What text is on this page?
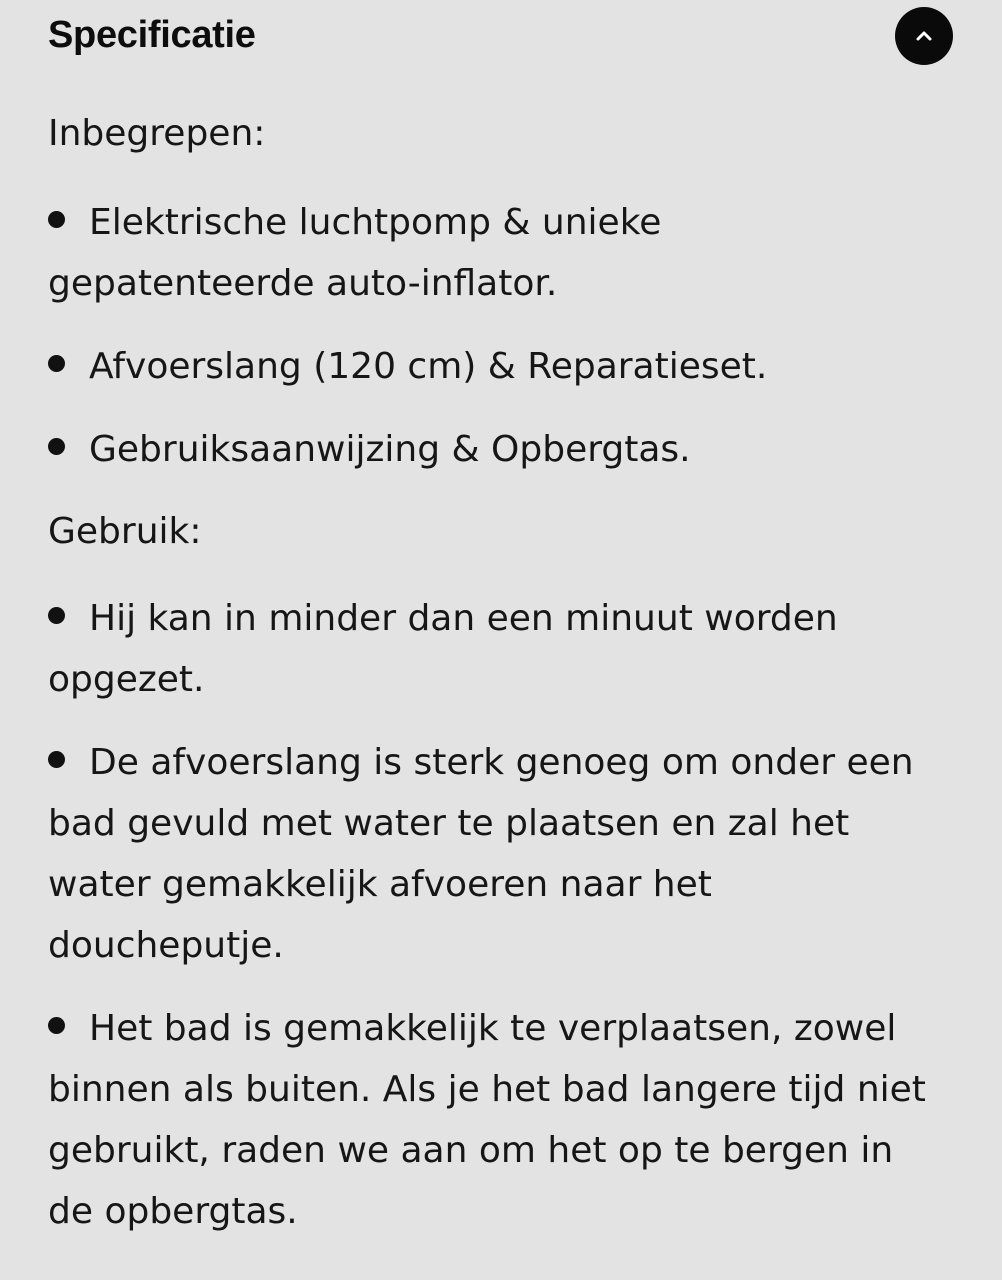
Specificatie

Inbegrepen:

Elektrische luchtpomp & unieke gepatenteerde auto-inflator.
Afvoerslang (120 cm) & Reparatieset.
Gebruiksaanwijzing & Opbergtas.

Gebruik:

Hij kan in minder dan een minuut worden opgezet.
De afvoerslang is sterk genoeg om onder een bad gevuld met water te plaatsen en zal het water gemakkelijk afvoeren naar het doucheputje.
Het bad is gemakkelijk te verplaatsen, zowel binnen als buiten. Als je het bad langere tijd niet gebruikt, raden we aan om het op te bergen in de opbergtas.
